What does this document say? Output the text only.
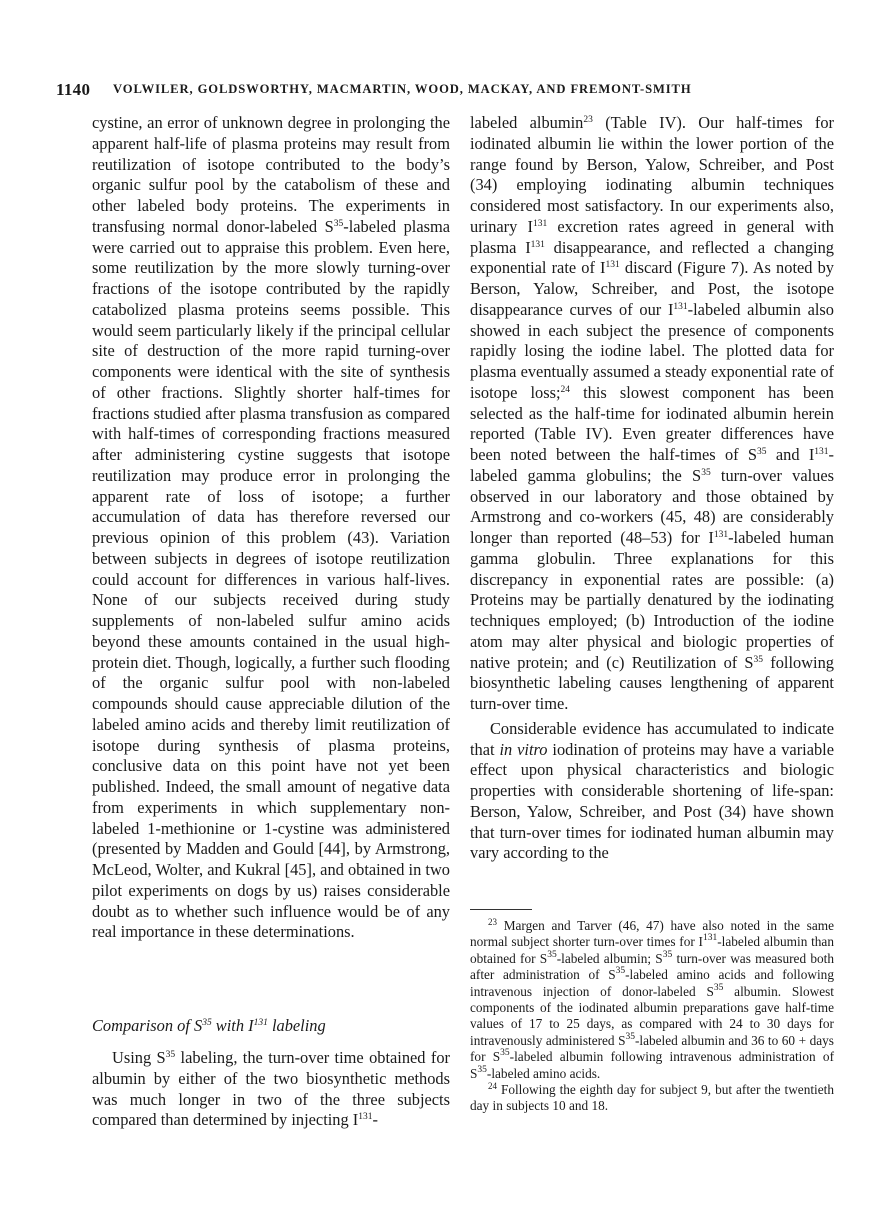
1140 VOLWILER, GOLDSWORTHY, MACMARTIN, WOOD, MACKAY, AND FREMONT-SMITH

cystine, an error of unknown degree in prolonging the apparent half-life of plasma proteins may result from reutilization of isotope contributed to the body’s organic sulfur pool by the catabolism of these and other labeled body proteins. The experiments in transfusing normal donor-labeled $S^{35}$-labeled plasma were carried out to appraise this problem. Even here, some reutilization by the more slowly turning-over fractions of the isotope contributed by the rapidly catabolized plasma proteins seems possible. This would seem particularly likely if the principal cellular site of destruction of the more rapid turning-over components were identical with the site of synthesis of other fractions. Slightly shorter half-times for fractions studied after plasma transfusion as compared with half-times of corresponding fractions measured after administering cystine suggests that isotope reutilization may produce error in prolonging the apparent rate of loss of isotope; a further accumulation of data has therefore reversed our previous opinion of this problem (43). Variation between subjects in degrees of isotope reutilization could account for differences in various half-lives. None of our subjects received during study supplements of non-labeled sulfur amino acids beyond these amounts contained in the usual high-protein diet. Though, logically, a further such flooding of the organic sulfur pool with non-labeled compounds should cause appreciable dilution of the labeled amino acids and thereby limit reutilization of isotope during synthesis of plasma proteins, conclusive data on this point have not yet been published. Indeed, the small amount of negative data from experiments in which supplementary non-labeled 1-methionine or 1-cystine was administered (presented by Madden and Gould [44], by Armstrong, McLeod, Wolter, and Kukral [45], and obtained in two pilot experiments on dogs by us) raises considerable doubt as to whether such influence would be of any real importance in these determinations.

Comparison of $S^{35}$ with $I^{131}$ labeling

Using $S^{35}$ labeling, the turn-over time obtained for albumin by either of the two biosynthetic methods was much longer in two of the three subjects compared than determined by injecting $I^{131}-$

labeled albumin$^{23}$ (Table IV). Our half-times for iodinated albumin lie within the lower portion of the range found by Berson, Yalow, Schreiber, and Post (34) employing iodinating albumin techniques considered most satisfactory. In our experiments also, urinary $I^{131}$ excretion rates agreed in general with plasma $I^{131}$ disappearance, and reflected a changing exponential rate of $I^{131}$ discard (Figure 7). As noted by Berson, Yalow, Schreiber, and Post, the isotope disappearance curves of our $I^{131}$-labeled albumin also showed in each subject the presence of components rapidly losing the iodine label. The plotted data for plasma eventually assumed a steady exponential rate of isotope loss;$^{24}$ this slowest component has been selected as the half-time for iodinated albumin herein reported (Table IV). Even greater differences have been noted between the half-times of $S^{35}$ and $I^{131}$-labeled gamma globulins; the $S^{35}$ turn-over values observed in our laboratory and those obtained by Armstrong and co-workers (45, 48) are considerably longer than reported (48–53) for $I^{131}$-labeled human gamma globulin. Three explanations for this discrepancy in exponential rates are possible: (a) Proteins may be partially denatured by the iodinating techniques employed; (b) Introduction of the iodine atom may alter physical and biologic properties of native protein; and (c) Reutilization of $S^{35}$ following biosynthetic labeling causes lengthening of apparent turn-over time.

Considerable evidence has accumulated to indicate that in vitro iodination of proteins may have a variable effect upon physical characteristics and biologic properties with considerable shortening of life-span: Berson, Yalow, Schreiber, and Post (34) have shown that turn-over times for iodinated human albumin may vary according to the

$^{23}$ Margen and Tarver (46, 47) have also noted in the same normal subject shorter turn-over times for $I^{131}$-labeled albumin than obtained for $S^{35}$-labeled albumin; $S^{35}$ turn-over was measured both after administration of $S^{35}$-labeled amino acids and following intravenous injection of donor-labeled $S^{35}$ albumin. Slowest components of the iodinated albumin preparations gave half-time values of 17 to 25 days, as compared with 24 to 30 days for intravenously administered $S^{35}$-labeled albumin and 36 to 60 + days for $S^{35}$-labeled albumin following intravenous administration of $S^{35}$-labeled amino acids.

$^{24}$ Following the eighth day for subject 9, but after the twentieth day in subjects 10 and 18.
